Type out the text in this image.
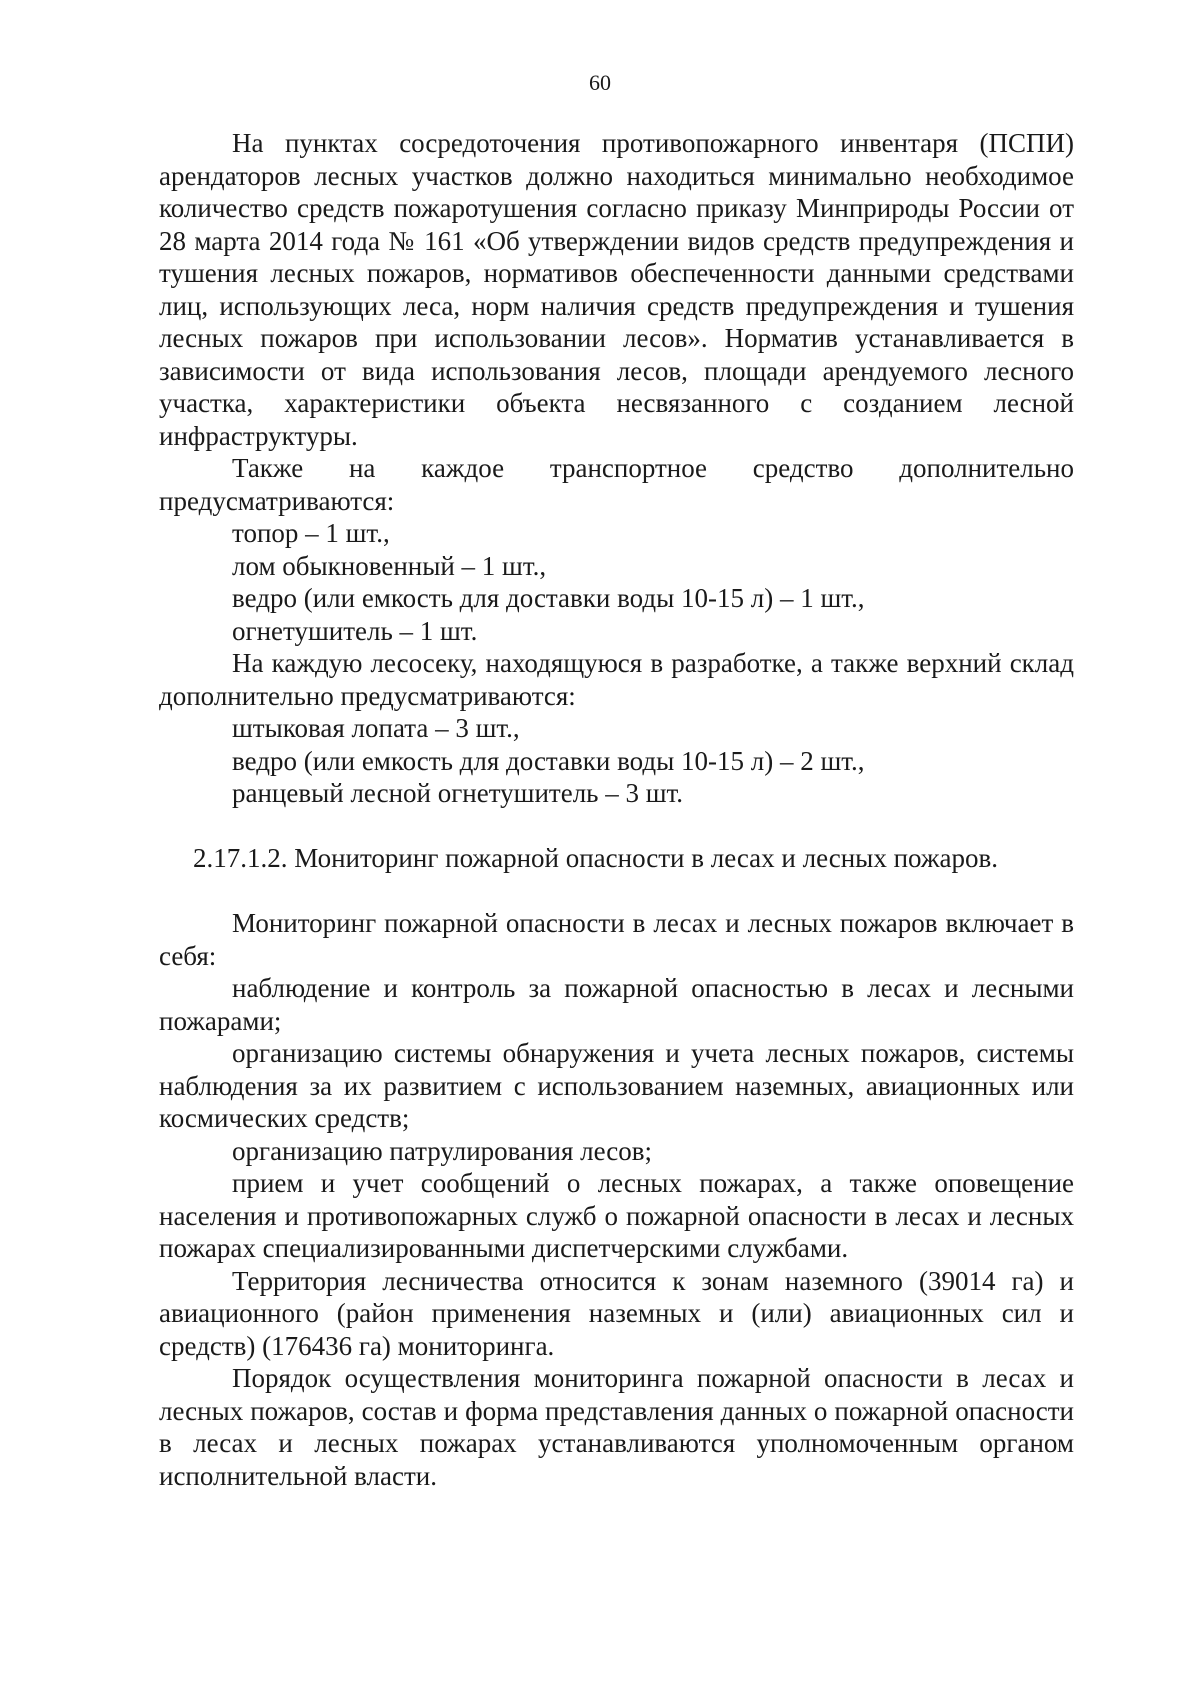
60

На пунктах сосредоточения противопожарного инвентаря (ПСПИ) арендаторов лесных участков должно находиться минимально необходимое количество средств пожаротушения согласно приказу Минприроды России от 28 марта 2014 года № 161 «Об утверждении видов средств предупреждения и тушения лесных пожаров, нормативов обеспеченности данными средствами лиц, использующих леса, норм наличия средств предупреждения и тушения лесных пожаров при использовании лесов». Норматив устанавливается в зависимости от вида использования лесов, площади арендуемого лесного участка, характеристики объекта несвязанного с созданием лесной инфраструктуры.

Также на каждое транспортное средство дополнительно предусматриваются:

топор – 1 шт.,

лом обыкновенный – 1 шт.,

ведро (или емкость для доставки воды 10-15 л) – 1 шт.,

огнетушитель – 1 шт.

На каждую лесосеку, находящуюся в разработке, а также верхний склад дополнительно предусматриваются:

штыковая лопата – 3 шт.,

ведро (или емкость для доставки воды 10-15 л) – 2 шт.,

ранцевый лесной огнетушитель – 3 шт.

2.17.1.2. Мониторинг пожарной опасности в лесах и лесных пожаров.

Мониторинг пожарной опасности в лесах и лесных пожаров включает в себя:

наблюдение и контроль за пожарной опасностью в лесах и лесными пожарами;

организацию системы обнаружения и учета лесных пожаров, системы наблюдения за их развитием с использованием наземных, авиационных или космических средств;

организацию патрулирования лесов;

прием и учет сообщений о лесных пожарах, а также оповещение населения и противопожарных служб о пожарной опасности в лесах и лесных пожарах специализированными диспетчерскими службами.

Территория лесничества относится к зонам наземного (39014 га) и авиационного (район применения наземных и (или) авиационных сил и средств) (176436 га) мониторинга.

Порядок осуществления мониторинга пожарной опасности в лесах и лесных пожаров, состав и форма представления данных о пожарной опасности в лесах и лесных пожарах устанавливаются уполномоченным органом исполнительной власти.
